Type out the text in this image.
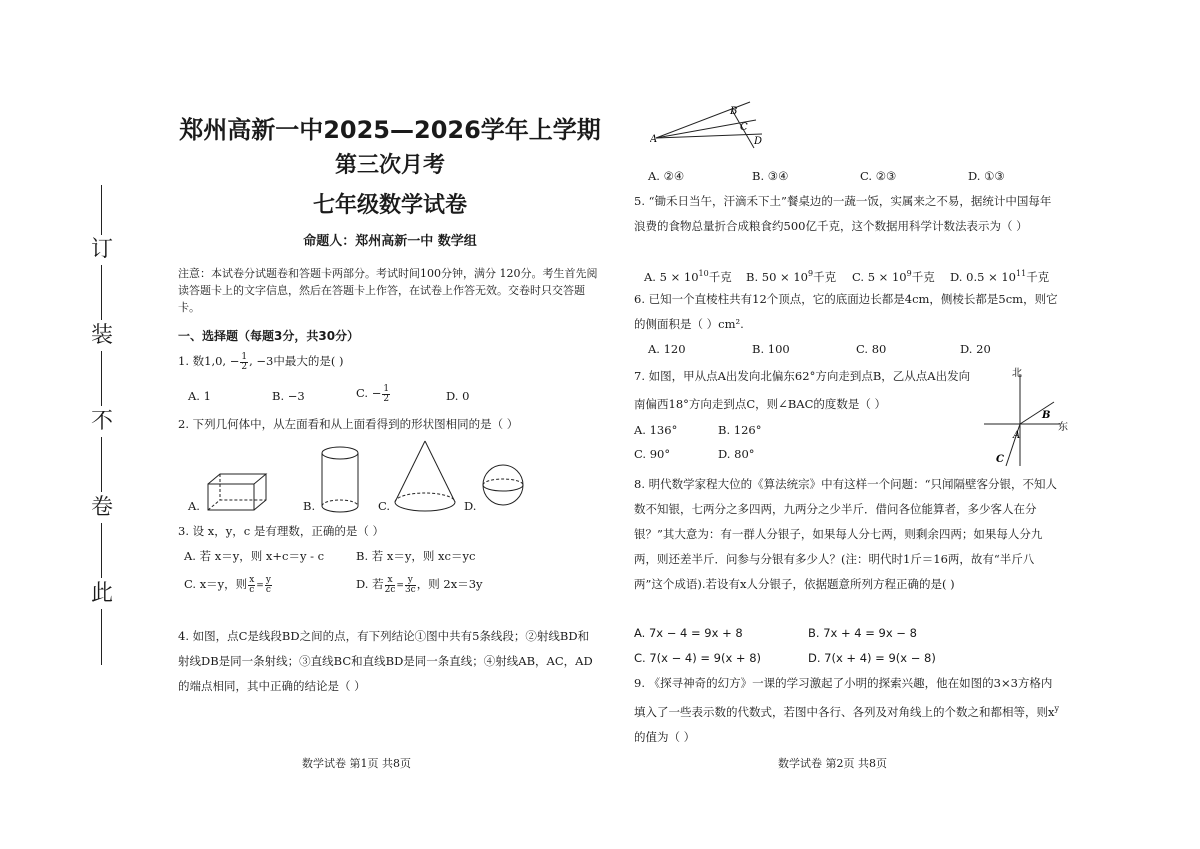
订
装
不
卷
此
郑州高新一中2025—2026学年上学期
第三次月考
七年级数学试卷
命题人：郑州高新一中 数学组
注意：本试卷分试题卷和答题卡两部分。考试时间100分钟，满分 120分。考生首先阅读答题卡上的文字信息，然后在答题卡上作答，在试卷上作答无效。交卷时只交答题卡。
一、选择题（每题3分，共30分）
1. 数1,0, − $\frac{1}{2}$ , −3中最大的是( )
A. 1	B. −3	C. − $\frac{1}{2}$	D. 0
2. 下列几何体中，从左面看和从上面看得到的形状图相同的是（ ）
A.	B.	C.	D.
3. 设 x，y，c 是有理数，正确的是（ ）
A. 若 x＝y，则 x+c＝y - c	B. 若 x＝y，则 xc＝yc
C. x＝y，则 $\frac{x}{c} = \frac{y}{c}$	D. 若 $\frac{x}{2c} = \frac{y}{3c}$ ，则 2x＝3y
4. 如图，点C是线段BD之间的点，有下列结论①图中共有5条线段；②射线BD和射线DB是同一条射线；③直线BC和直线BD是同一条直线；④射线AB，AC，AD的端点相同，其中正确的结论是（ ）
数学试卷 第1页 共8页
A
B
C
D
A. ②④	B. ③④	C. ②③	D. ①③
5. “锄禾日当午，汗滴禾下土”餐桌边的一蔬一饭，实属来之不易，据统计中国每年浪费的食物总量折合成粮食约500亿千克，这个数据用科学计数法表示为（ ）
A. $5 \times 10^{10}$千克 B. $50 \times 10^9$千克 C. $5 \times 10^9$千克 D. $0.5 \times 10^{11}$千克
6. 已知一个直棱柱共有12个顶点，它的底面边长都是4cm，侧棱长都是5cm，则它的侧面积是（ ）cm².
A. 120	B. 100	C. 80	D. 20
7. 如图，甲从点A出发向北偏东62°方向走到点B，乙从点A出发向南偏西18°方向走到点C，则∠BAC的度数是（ ）
A. 136°	B. 126°
C. 90°	D. 80°
北
东
A
B
C
8. 明代数学家程大位的《算法统宗》中有这样一个问题：“只闻隔壁客分银，不知人数不知银，七两分之多四两，九两分之少半斤．借问各位能算者，多少客人在分银？”其大意为：有一群人分银子，如果每人分七两，则剩余四两；如果每人分九两，则还差半斤．问参与分银有多少人？(注：明代时1斤＝16两，故有“半斤八两”这个成语).若设有x人分银子，依据题意所列方程正确的是( )
A. 7x − 4 = 9x + 8	B. 7x + 4 = 9x − 8
C. 7(x − 4) = 9(x + 8)	D. 7(x + 4) = 9(x − 8)
9. 《探寻神奇的幻方》一课的学习激起了小明的探索兴趣，他在如图的3×3方格内填入了一些表示数的代数式，若图中各行、各列及对角线上的个数之和都相等，则$x^y$的值为（ ）
数学试卷 第2页 共8页
